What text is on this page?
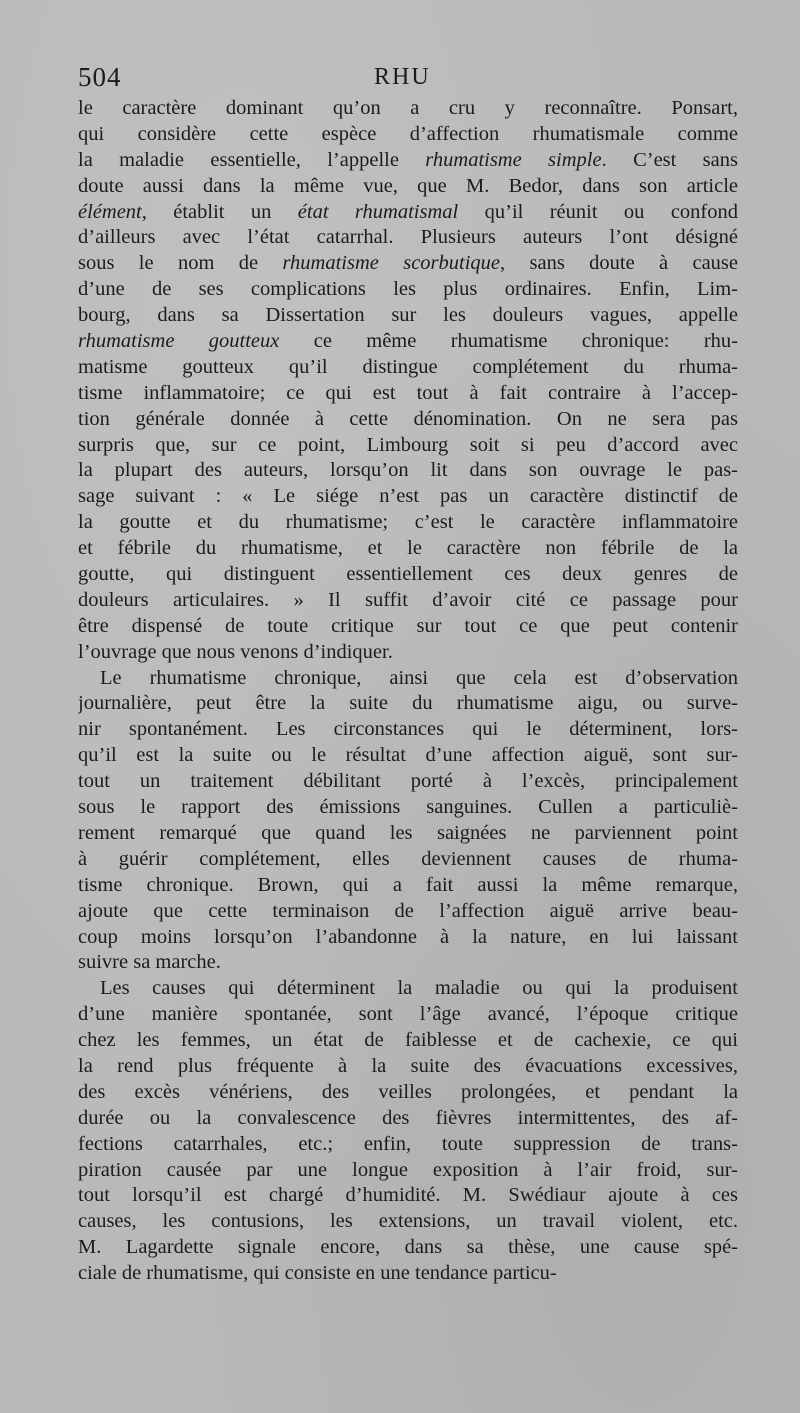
504	RHU
le caractère dominant qu’on a cru y reconnaître. Ponsart,
qui considère cette espèce d’affection rhumatismale comme
la maladie essentielle, l’appelle rhumatisme simple. C’est sans
doute aussi dans la même vue, que M. Bedor, dans son article
élément, établit un état rhumatismal qu’il réunit ou confond
d’ailleurs avec l’état catarrhal. Plusieurs auteurs l’ont désigné
sous le nom de rhumatisme scorbutique, sans doute à cause
d’une de ses complications les plus ordinaires. Enfin, Lim-
bourg, dans sa Dissertation sur les douleurs vagues, appelle
rhumatisme goutteux ce même rhumatisme chronique: rhu-
matisme goutteux qu’il distingue complétement du rhuma-
tisme inflammatoire; ce qui est tout à fait contraire à l’accep-
tion générale donnée à cette dénomination. On ne sera pas
surpris que, sur ce point, Limbourg soit si peu d’accord avec
la plupart des auteurs, lorsqu’on lit dans son ouvrage le pas-
sage suivant : « Le siége n’est pas un caractère distinctif de
la goutte et du rhumatisme; c’est le caractère inflammatoire
et fébrile du rhumatisme, et le caractère non fébrile de la
goutte, qui distinguent essentiellement ces deux genres de
douleurs articulaires. » Il suffit d’avoir cité ce passage pour
être dispensé de toute critique sur tout ce que peut contenir
l’ouvrage que nous venons d’indiquer.
Le rhumatisme chronique, ainsi que cela est d’observation
journalière, peut être la suite du rhumatisme aigu, ou surve-
nir spontanément. Les circonstances qui le déterminent, lors-
qu’il est la suite ou le résultat d’une affection aiguë, sont sur-
tout un traitement débilitant porté à l’excès, principalement
sous le rapport des émissions sanguines. Cullen a particuliè-
rement remarqué que quand les saignées ne parviennent point
à guérir complétement, elles deviennent causes de rhuma-
tisme chronique. Brown, qui a fait aussi la même remarque,
ajoute que cette terminaison de l’affection aiguë arrive beau-
coup moins lorsqu’on l’abandonne à la nature, en lui laissant
suivre sa marche.
Les causes qui déterminent la maladie ou qui la produisent
d’une manière spontanée, sont l’âge avancé, l’époque critique
chez les femmes, un état de faiblesse et de cachexie, ce qui
la rend plus fréquente à la suite des évacuations excessives,
des excès vénériens, des veilles prolongées, et pendant la
durée ou la convalescence des fièvres intermittentes, des af-
fections catarrhales, etc.; enfin, toute suppression de trans-
piration causée par une longue exposition à l’air froid, sur-
tout lorsqu’il est chargé d’humidité. M. Swédiaur ajoute à ces
causes, les contusions, les extensions, un travail violent, etc.
M. Lagardette signale encore, dans sa thèse, une cause spé-
ciale de rhumatisme, qui consiste en une tendance particu-
